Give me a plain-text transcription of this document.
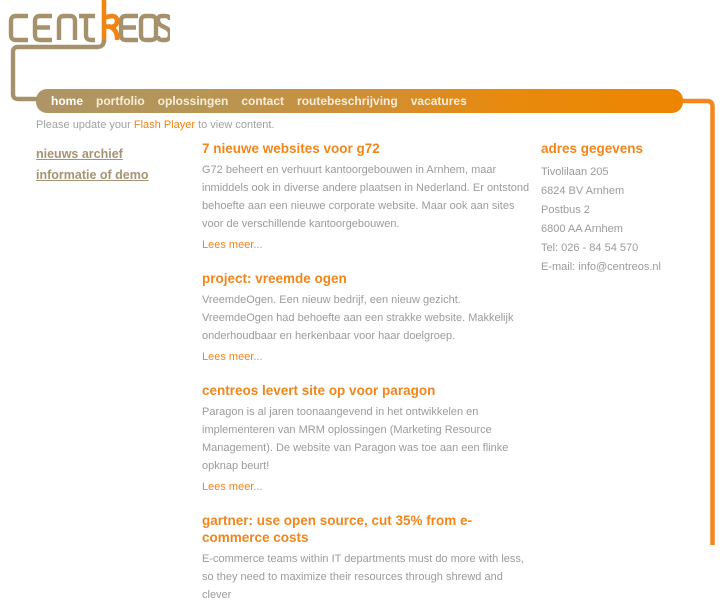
home portfolio oplossingen contact routebeschrijving vacatures
Please update your Flash Player to view content.
nieuws archief
informatie of demo
7 nieuwe websites voor g72

G72 beheert en verhuurt kantoorgebouwen in Arnhem, maar inmiddels ook in diverse andere plaatsen in Nederland. Er ontstond behoefte aan een nieuwe corporate website. Maar ook aan sites voor de verschillende kantoorgebouwen.

Lees meer...
project: vreemde ogen

VreemdeOgen. Een nieuw bedrijf, een nieuw gezicht. VreemdeOgen had behoefte aan een strakke website. Makkelijk onderhoudbaar en herkenbaar voor haar doelgroep.

Lees meer...
centreos levert site op voor paragon

Paragon is al jaren toonaangevend in het ontwikkelen en implementeren van MRM oplossingen (Marketing Resource Management). De website van Paragon was toe aan een flinke opknap beurt!

Lees meer...
gartner: use open source, cut 35% from e-commerce costs

E-commerce teams within IT departments must do more with less, so they need to maximize their resources through shrewd and clever

adres gegevens
Tivolilaan 205
6824 BV Arnhem
Postbus 2
6800 AA Arnhem
Tel: 026 - 84 54 570
E-mail: info@centreos.nl
